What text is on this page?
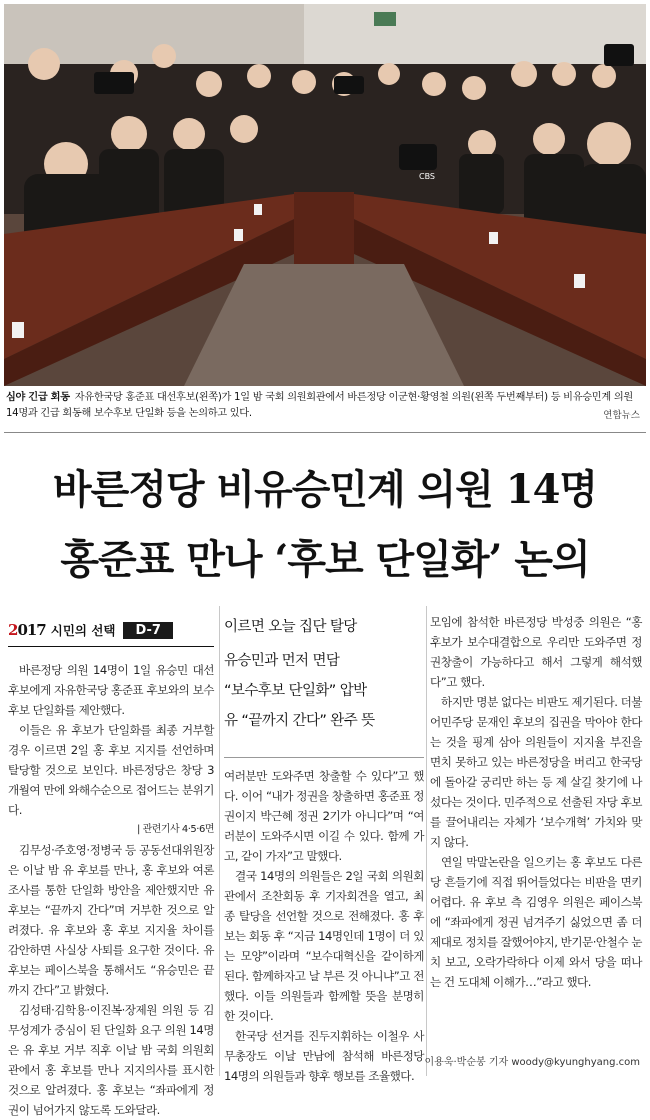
CBS
심야 긴급 회동 자유한국당 홍준표 대선후보(왼쪽)가 1일 밤 국회 의원회관에서 바른정당 이군현·황영철 의원(왼쪽 두번째부터) 등 비유승민계 의원 14명과 긴급 회동해 보수후보 단일화 등을 논의하고 있다.	연합뉴스
바른정당 비유승민계 의원 14명
홍준표 만나 ‘후보 단일화’ 논의
2017 시민의 선택	D-7

바른정당 의원 14명이 1일 유승민 대선후보에게 자유한국당 홍준표 후보와의 보수후보 단일화를 제안했다.

이들은 유 후보가 단일화를 최종 거부할 경우 이르면 2일 홍 후보 지지를 선언하며 탈당할 것으로 보인다. 바른정당은 창당 3개월여 만에 와해수순으로 접어드는 분위기다.

| 관련기사 4·5·6면

김무성·주호영·정병국 등 공동선대위원장은 이날 밤 유 후보를 만나, 홍 후보와 여론조사를 통한 단일화 방안을 제안했지만 유 후보는 “끝까지 간다”며 거부한 것으로 알려졌다. 유 후보와 홍 후보 지지율 차이를 감안하면 사실상 사퇴를 요구한 것이다. 유 후보는 페이스북을 통해서도 “유승민은 끝까지 간다”고 밝혔다.

김성태·김학용·이진복·장제원 의원 등 김무성계가 중심이 된 단일화 요구 의원 14명은 유 후보 거부 직후 이날 밤 국회 의원회관에서 홍 후보를 만나 지지의사를 표시한 것으로 알려졌다. 홍 후보는 “좌파에게 정권이 넘어가지 않도록 도와달라.

이르면 오늘 집단 탈당
유승민과 먼저 면담
“보수후보 단일화” 압박
유 “끝까지 간다” 완주 뜻

여러분만 도와주면 창출할 수 있다”고 했다. 이어 “내가 정권을 창출하면 홍준표 정권이지 박근혜 정권 2기가 아니다”며 “여러분이 도와주시면 이길 수 있다. 함께 가고, 같이 가자”고 말했다.

결국 14명의 의원들은 2일 국회 의원회관에서 조찬회동 후 기자회견을 열고, 최종 탈당을 선언할 것으로 전해졌다. 홍 후보는 회동 후 “지금 14명인데 1명이 더 있는 모양”이라며 “보수대혁신을 같이하게 된다. 함께하자고 날 부른 것 아니냐”고 전했다. 이들 의원들과 함께할 뜻을 분명히 한 것이다.

한국당 선거를 진두지휘하는 이철우 사무총장도 이날 만남에 참석해 바른정당 14명의 의원들과 향후 행보를 조율했다.

모임에 참석한 바른정당 박성중 의원은 “홍 후보가 보수대결합으로 우리만 도와주면 정권창출이 가능하다고 해서 그렇게 해석했다”고 했다.

하지만 명분 없다는 비판도 제기된다. 더불어민주당 문재인 후보의 집권을 막아야 한다는 것을 핑계 삼아 의원들이 지지율 부진을 면치 못하고 있는 바른정당을 버리고 한국당에 돌아갈 궁리만 하는 등 제 살길 찾기에 나섰다는 것이다. 민주적으로 선출된 자당 후보를 끌어내리는 자체가 ‘보수개혁’ 가치와 맞지 않다.

연일 막말논란을 일으키는 홍 후보도 다른 당 흔들기에 직접 뛰어들었다는 비판을 면키 어렵다. 유 후보 측 김영우 의원은 페이스북에 “좌파에게 정권 넘겨주기 싫었으면 좀 더 제대로 정치를 잘했어야지, 반기문·안철수 눈치 보고, 오락가락하다 이제 와서 당을 떠나는 건 도대체 이해가…”라고 했다.

이용욱·박순봉 기자 woody@kyunghyang.com
